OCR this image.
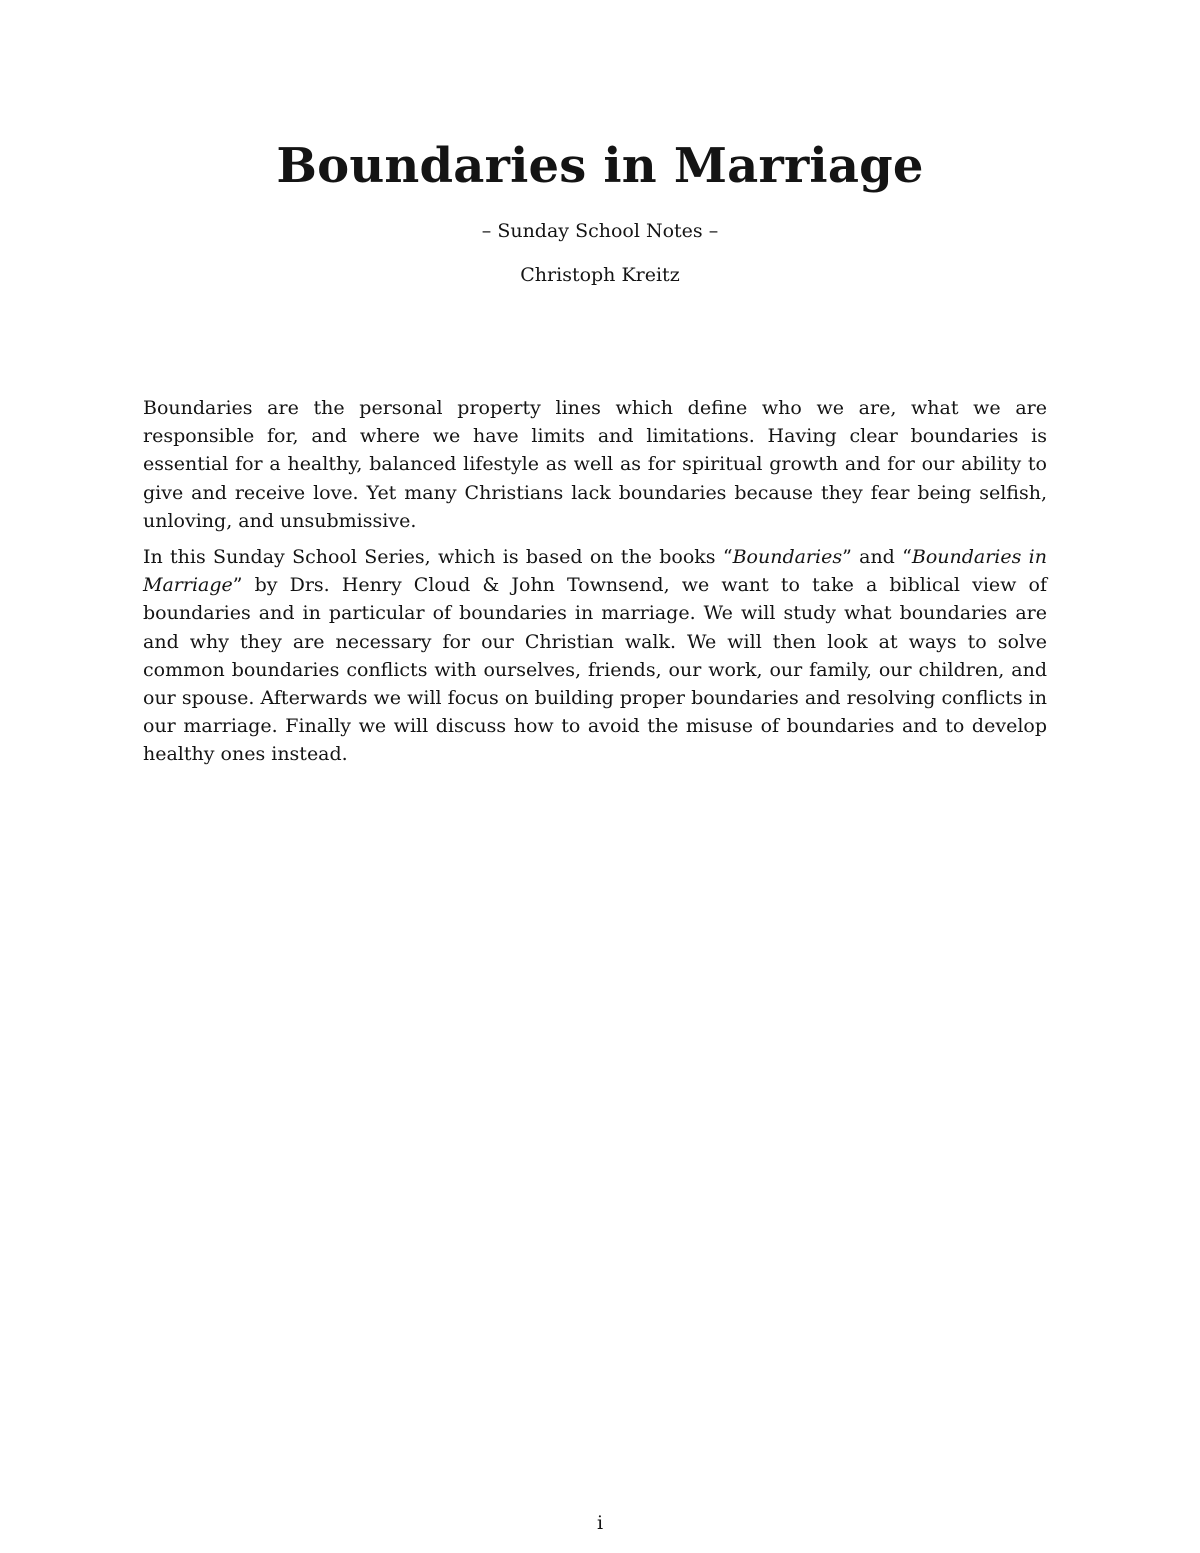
Boundaries in Marriage

– Sunday School Notes –

Christoph Kreitz

Boundaries are the personal property lines which define who we are, what we are responsible for, and where we have limits and limitations. Having clear boundaries is essential for a healthy, balanced lifestyle as well as for spiritual growth and for our ability to give and receive love. Yet many Christians lack boundaries because they fear being selfish, unloving, and unsubmissive.

In this Sunday School Series, which is based on the books “Boundaries” and “Boundaries in Marriage” by Drs. Henry Cloud & John Townsend, we want to take a biblical view of boundaries and in particular of boundaries in marriage. We will study what boundaries are and why they are necessary for our Christian walk. We will then look at ways to solve common boundaries conflicts with ourselves, friends, our work, our family, our children, and our spouse. Afterwards we will focus on building proper boundaries and resolving conflicts in our marriage. Finally we will discuss how to avoid the misuse of boundaries and to develop healthy ones instead.

i
